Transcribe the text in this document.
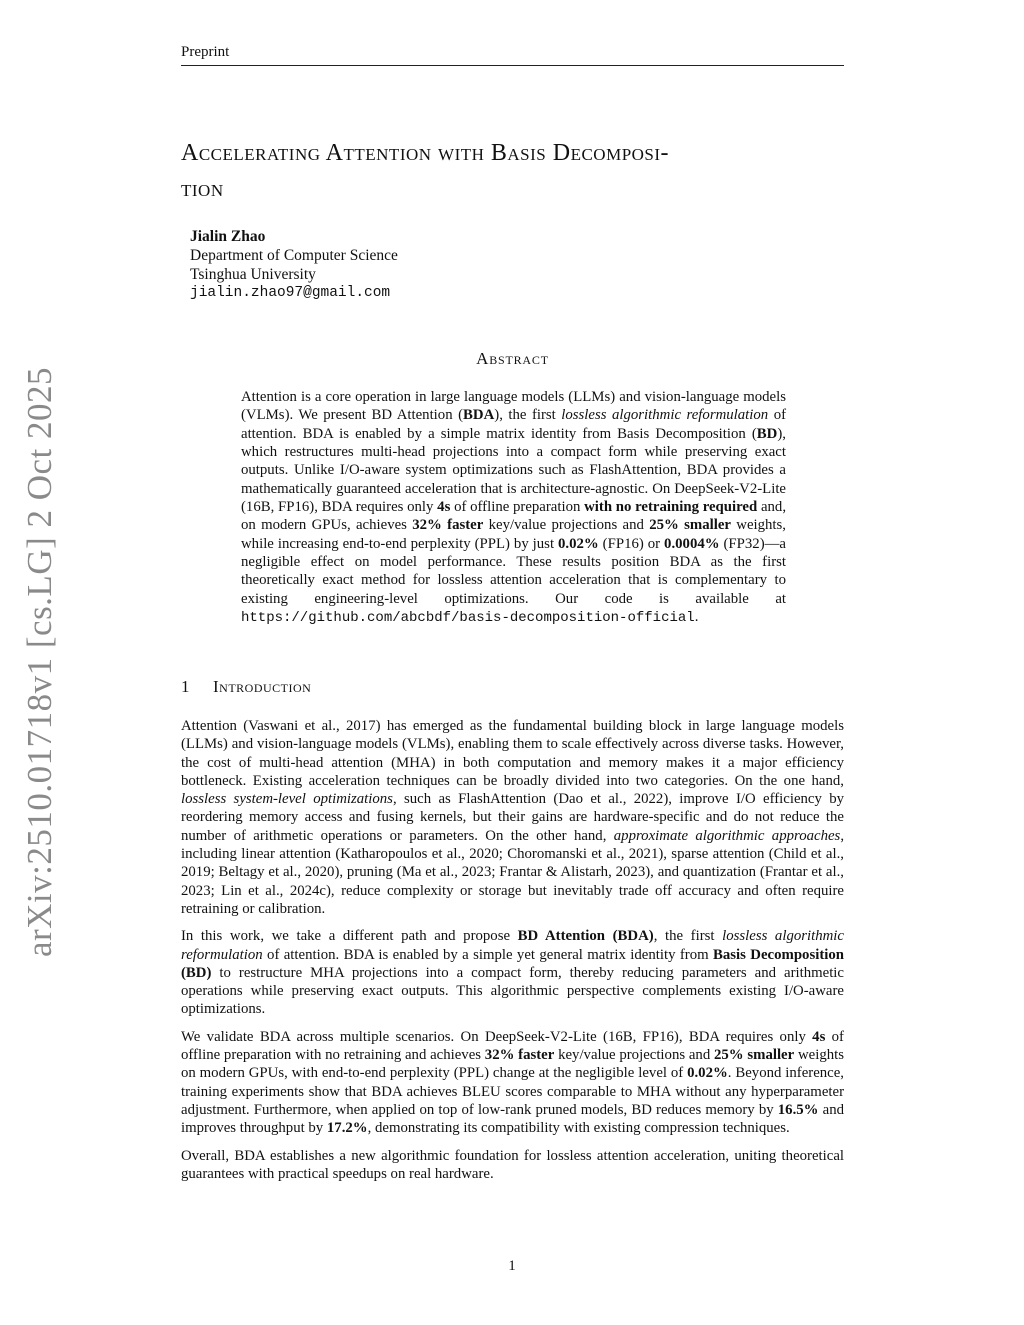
Preprint
arXiv:2510.01718v1 [cs.LG] 2 Oct 2025
Accelerating Attention with Basis Decomposi-
tion
Jialin Zhao
Department of Computer Science
Tsinghua University
jialin.zhao97@gmail.com
Abstract
Attention is a core operation in large language models (LLMs) and vision-language models (VLMs). We present BD Attention (BDA), the first lossless algorithmic reformulation of attention. BDA is enabled by a simple matrix identity from Basis Decomposition (BD), which restructures multi-head projections into a compact form while preserving exact outputs. Unlike I/O-aware system optimizations such as FlashAttention, BDA provides a mathematically guaranteed acceleration that is architecture-agnostic. On DeepSeek-V2-Lite (16B, FP16), BDA requires only 4s of offline preparation with no retraining required and, on modern GPUs, achieves 32% faster key/value projections and 25% smaller weights, while increasing end-to-end perplexity (PPL) by just 0.02% (FP16) or 0.0004% (FP32)—a negligible effect on model performance. These results position BDA as the first theoretically exact method for lossless attention acceleration that is complementary to existing engineering-level optimizations. Our code is available at https://github.com/abcbdf/basis-decomposition-official.
1 Introduction

Attention (Vaswani et al., 2017) has emerged as the fundamental building block in large language models (LLMs) and vision-language models (VLMs), enabling them to scale effectively across diverse tasks. However, the cost of multi-head attention (MHA) in both computation and memory makes it a major efficiency bottleneck. Existing acceleration techniques can be broadly divided into two categories. On the one hand, lossless system-level optimizations, such as FlashAttention (Dao et al., 2022), improve I/O efficiency by reordering memory access and fusing kernels, but their gains are hardware-specific and do not reduce the number of arithmetic operations or parameters. On the other hand, approximate algorithmic approaches, including linear attention (Katharopoulos et al., 2020; Choromanski et al., 2021), sparse attention (Child et al., 2019; Beltagy et al., 2020), pruning (Ma et al., 2023; Frantar & Alistarh, 2023), and quantization (Frantar et al., 2023; Lin et al., 2024c), reduce complexity or storage but inevitably trade off accuracy and often require retraining or calibration.

In this work, we take a different path and propose BD Attention (BDA), the first lossless algorithmic reformulation of attention. BDA is enabled by a simple yet general matrix identity from Basis Decomposition (BD) to restructure MHA projections into a compact form, thereby reducing parameters and arithmetic operations while preserving exact outputs. This algorithmic perspective complements existing I/O-aware optimizations.

We validate BDA across multiple scenarios. On DeepSeek-V2-Lite (16B, FP16), BDA requires only 4s of offline preparation with no retraining and achieves 32% faster key/value projections and 25% smaller weights on modern GPUs, with end-to-end perplexity (PPL) change at the negligible level of 0.02%. Beyond inference, training experiments show that BDA achieves BLEU scores comparable to MHA without any hyperparameter adjustment. Furthermore, when applied on top of low-rank pruned models, BD reduces memory by 16.5% and improves throughput by 17.2%, demonstrating its compatibility with existing compression techniques.

Overall, BDA establishes a new algorithmic foundation for lossless attention acceleration, uniting theoretical guarantees with practical speedups on real hardware.

1
